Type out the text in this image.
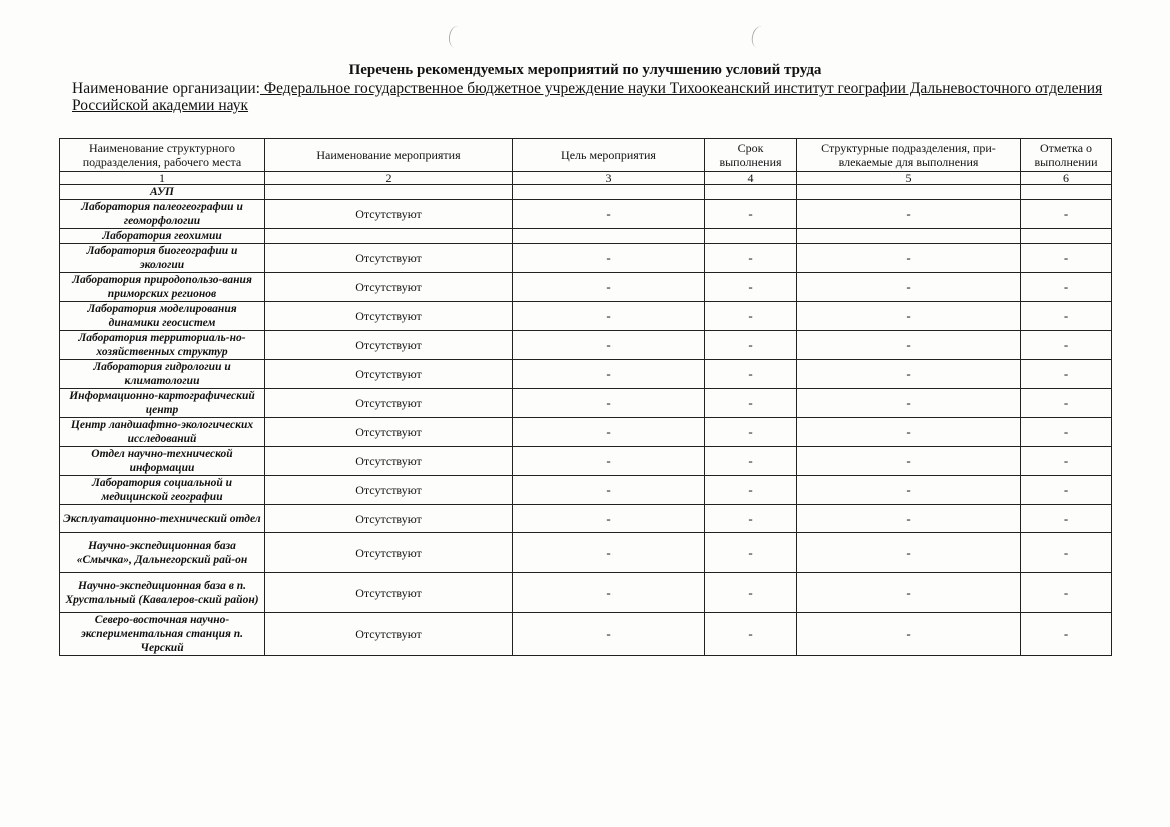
Перечень рекомендуемых мероприятий по улучшению условий труда
Наименование организации: Федеральное государственное бюджетное учреждение науки Тихоокеанский институт географии Дальневосточного отделения Российской академии наук
Наименование структурного подразделения, рабочего места	Наименование мероприятия	Цель мероприятия	Срок выполнения	Структурные подразделения, при-влекаемые для выполнения	Отметка о выполнении
1	2	3	4	5	6
АУП					
Лаборатория палеогеографии и геоморфологии	Отсутствуют	-	-	-	-
Лаборатория геохимии					
Лаборатория биогеографии и экологии	Отсутствуют	-	-	-	-
Лаборатория природопользо-вания приморских регионов	Отсутствуют	-	-	-	-
Лаборатория моделирования динамики геосистем	Отсутствуют	-	-	-	-
Лаборатория территориаль-но-хозяйственных структур	Отсутствуют	-	-	-	-
Лаборатория гидрологии и климатологии	Отсутствуют	-	-	-	-
Информационно-картографический центр	Отсутствуют	-	-	-	-
Центр ландшафтно-экологических исследований	Отсутствуют	-	-	-	-
Отдел научно-технической информации	Отсутствуют	-	-	-	-
Лаборатория социальной и медицинской географии	Отсутствуют	-	-	-	-
Эксплуатационно-технический отдел	Отсутствуют	-	-	-	-
Научно-экспедиционная база «Смычка», Дальнегорский рай-он	Отсутствуют	-	-	-	-
Научно-экспедиционная база в п. Хрустальный (Кавалеров-ский район)	Отсутствуют	-	-	-	-
Северо-восточная научно-экспериментальная станция п. Черский	Отсутствуют	-	-	-	-
